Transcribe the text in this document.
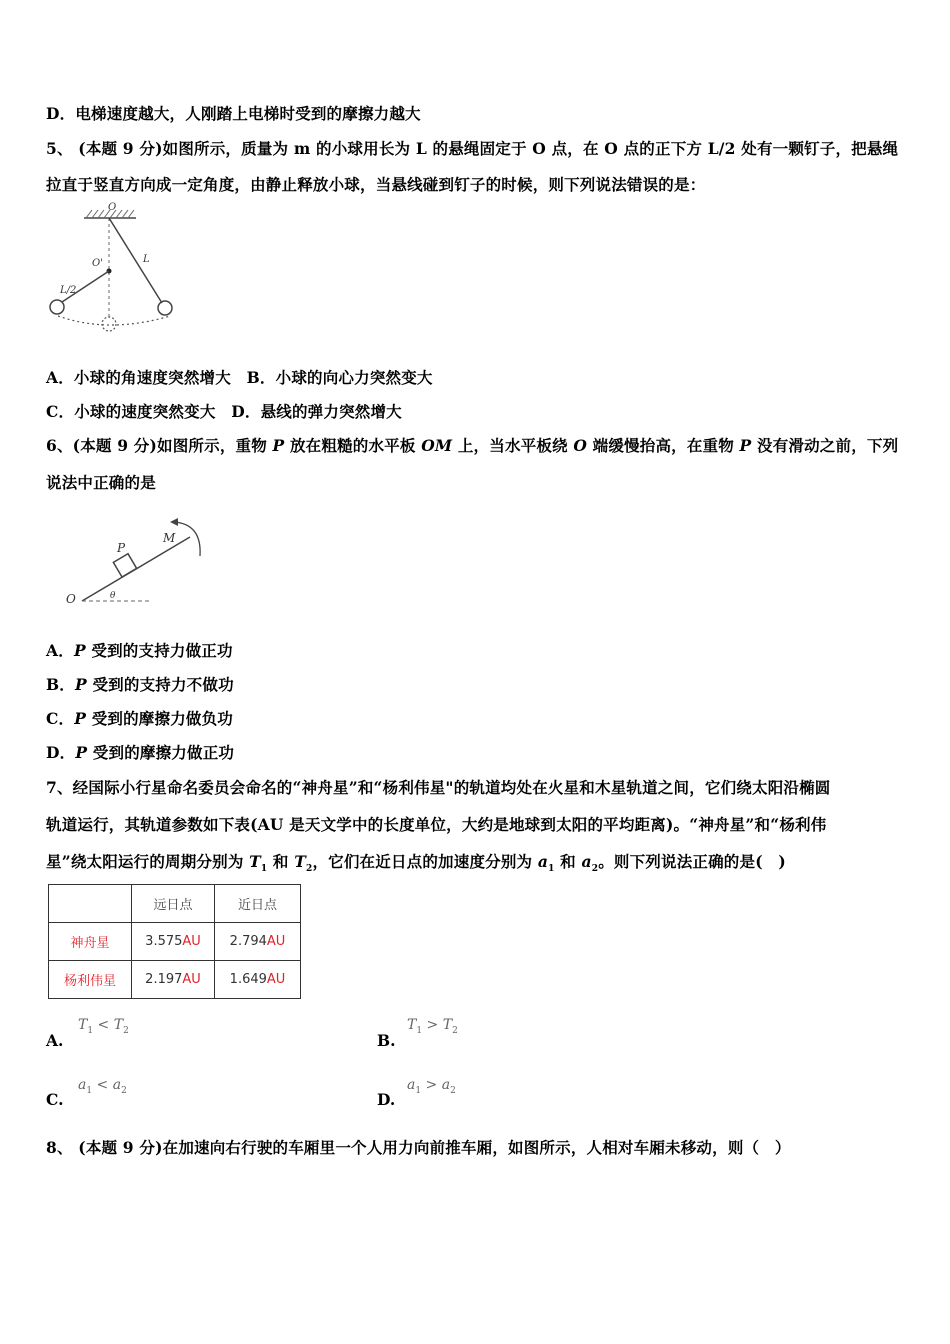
D．电梯速度越大，人刚踏上电梯时受到的摩擦力越大
5、 (本题 9 分)如图所示，质量为 m 的小球用长为 L 的悬绳固定于 O 点，在 O 点的正下方 L/2 处有一颗钉子，把悬绳
拉直于竖直方向成一定角度，由静止释放小球，当悬线碰到钉子的时候，则下列说法错误的是：
O
O'
L/2
L
A．小球的角速度突然增大　B．小球的向心力突然变大
C．小球的速度突然变大　D．悬线的弹力突然增大
6、(本题 9 分)如图所示，重物 P 放在粗糙的水平板 OM 上，当水平板绕 O 端缓慢抬高，在重物 P 没有滑动之前，下列
说法中正确的是
P
M
O	θ
A．P 受到的支持力做正功
B．P 受到的支持力不做功
C．P 受到的摩擦力做负功
D．P 受到的摩擦力做正功
7、经国际小行星命名委员会命名的“神舟星”和“杨利伟星"的轨道均处在火星和木星轨道之间，它们绕太阳沿椭圆
轨道运行，其轨道参数如下表(AU 是天文学中的长度单位，大约是地球到太阳的平均距离)。“神舟星”和“杨利伟
星”绕太阳运行的周期分别为 $T_1$ 和 $T_2$，它们在近日点的加速度分别为 $a_1$ 和 $a_2$。则下列说法正确的是(　)
	远日点	近日点
神舟星	3.575AU	2.794AU
杨利伟星	2.197AU	1.649AU
A.
$T_1 < T_2$
B.
$T_1 > T_2$
C.
$a_1 < a_2$	D.
$a_1 > a_2$
8、 (本题 9 分)在加速向右行驶的车厢里一个人用力向前推车厢，如图所示，人相对车厢未移动，则（　）
